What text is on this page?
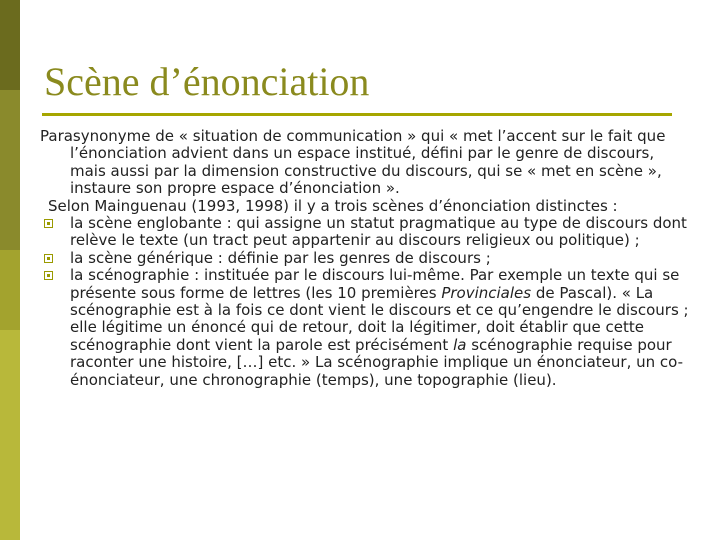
Scène d’énonciation

Parasynonyme de « situation de communication » qui « met l’accent sur le fait que l’énonciation advient dans un espace institué, défini par le genre de discours, mais aussi par la dimension constructive du discours, qui se « met en scène », instaure son propre espace d’énonciation ».

Selon Mainguenau (1993, 1998) il y a trois scènes d’énonciation distinctes :

la scène englobante : qui assigne un statut pragmatique au type de discours dont relève le texte (un tract peut appartenir au discours religieux ou politique) ;
la scène générique : définie par les genres de discours ;
la scénographie : instituée par le discours lui-même. Par exemple un texte qui se présente sous forme de lettres (les 10 premières Provinciales de Pascal). « La scénographie est à la fois ce dont vient le discours et ce qu’engendre le discours ; elle légitime un énoncé qui de retour, doit la légitimer, doit établir que cette scénographie dont vient la parole est précisément la scénographie requise pour raconter une histoire, […] etc. » La scénographie implique un énonciateur, un co-énonciateur, une chronographie (temps), une topographie (lieu).
